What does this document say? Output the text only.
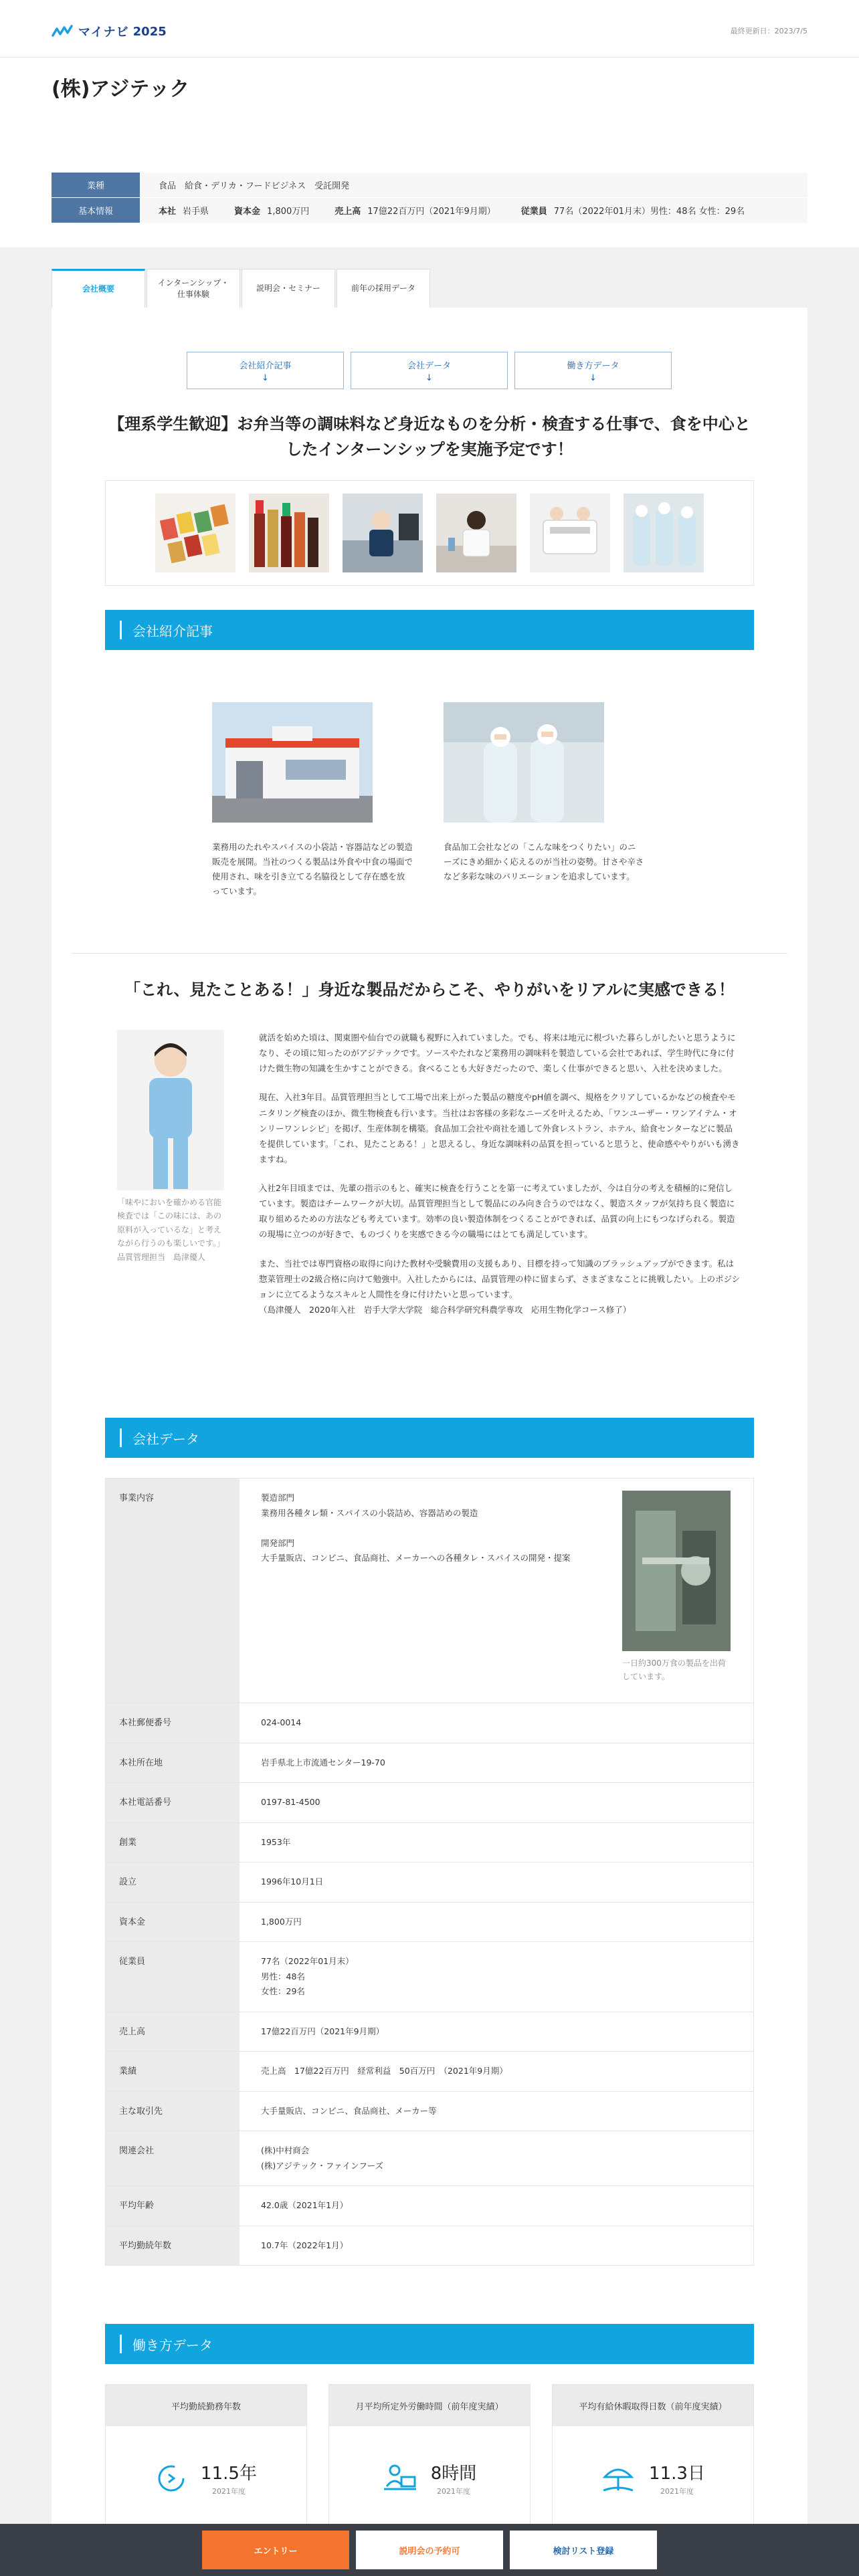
マイナビ 2025	最終更新日：2023/7/5
(株)アジテック
業種	食品　給食・デリカ・フードビジネス　受託開発
基本情報	本社 岩手県	資本金 1,800万円	売上高 17億22百万円（2021年9月期）	従業員 77名（2022年01月末）男性：48名 女性：29名
会社概要
インターンシップ・
仕事体験
説明会・セミナー	前年の採用データ
会社紹介記事
↓
会社データ
↓
働き方データ
↓
【理系学生歓迎】お弁当等の調味料など身近なものを分析・検査する仕事で、食を中心としたインターンシップを実施予定です！
会社紹介記事

業務用のたれやスパイスの小袋詰・容器詰などの製造販売を展開。当社のつくる製品は外食や中食の場面で使用され、味を引き立てる名脇役として存在感を放っています。

食品加工会社などの「こんな味をつくりたい」のニーズにきめ細かく応えるのが当社の姿勢。甘さや辛さなど多彩な味のバリエーションを追求しています。

「これ、見たことある！」身近な製品だからこそ、やりがいをリアルに実感できる！

「味やにおいを確かめる官能検査では「この味には、あの原料が入っているな」と考えながら行うのも楽しいです。」品質管理担当　島津優人

就活を始めた頃は、関東圏や仙台での就職も視野に入れていました。でも、将来は地元に根づいた暮らしがしたいと思うようになり、その頃に知ったのがアジテックです。ソースやたれなど業務用の調味料を製造している会社であれば、学生時代に身に付けた微生物の知識を生かすことができる。食べることも大好きだったので、楽しく仕事ができると思い、入社を決めました。

現在、入社3年目。品質管理担当として工場で出来上がった製品の糖度やpH値を調べ、規格をクリアしているかなどの検査やモニタリング検査のほか、微生物検査も行います。当社はお客様の多彩なニーズを叶えるため、「ワンユーザー・ワンアイテム・オンリーワンレシピ」を掲げ、生産体制を構築。食品加工会社や商社を通して外食レストラン、ホテル、給食センターなどに製品を提供しています。「これ、見たことある！」と思えるし、身近な調味料の品質を担っていると思うと、使命感ややりがいも湧きますね。

入社2年目頃までは、先輩の指示のもと、確実に検査を行うことを第一に考えていましたが、今は自分の考えを積極的に発信しています。製造はチームワークが大切。品質管理担当として製品にのみ向き合うのではなく、製造スタッフが気持ち良く製造に取り組めるための方法なども考えています。効率の良い製造体制をつくることができれば、品質の向上にもつなげられる。製造の現場に立つのが好きで、ものづくりを実感できる今の職場にはとても満足しています。

また、当社では専門資格の取得に向けた教材や受験費用の支援もあり、目標を持って知識のブラッシュアップができます。私は惣菜管理士の2級合格に向けて勉強中。入社したからには、品質管理の枠に留まらず、さまざまなことに挑戦したい。上のポジションに立てるようなスキルと人間性を身に付けたいと思っています。
（島津優人　2020年入社　岩手大学大学院　総合科学研究科農学専攻　応用生物化学コース修了）

会社データ
事業内容	製造部門
業務用各種タレ類・スパイスの小袋詰め、容器詰めの製造

開発部門
大手量販店、コンビニ、食品商社、メーカーへの各種タレ・スパイスの開発・提案

一日約300万食の製品を出荷しています。

本社郵便番号	024-0014
本社所在地	岩手県北上市流通センター19-70
本社電話番号	0197-81-4500
創業	1953年
設立	1996年10月1日
資本金	1,800万円
従業員	77名（2022年01月末）
男性：48名
女性：29名
売上高	17億22百万円（2021年9月期）
業績	売上高　17億22百万円　経常利益　50百万円　（2021年9月期）
主な取引先	大手量販店、コンビニ、食品商社、メーカー等
関連会社	(株)中村商会
(株)アジテック・ファインフーズ
平均年齢	42.0歳（2021年1月）
平均勤続年数	10.7年（2022年1月）
働き方データ
平均勤続勤務年数
11.5年
2021年度
月平均所定外労働時間（前年度実績）
8時間
2021年度
平均有給休暇取得日数（前年度実績）
11.3日
2021年度
エントリー	説明会の予約可	検討リスト登録
